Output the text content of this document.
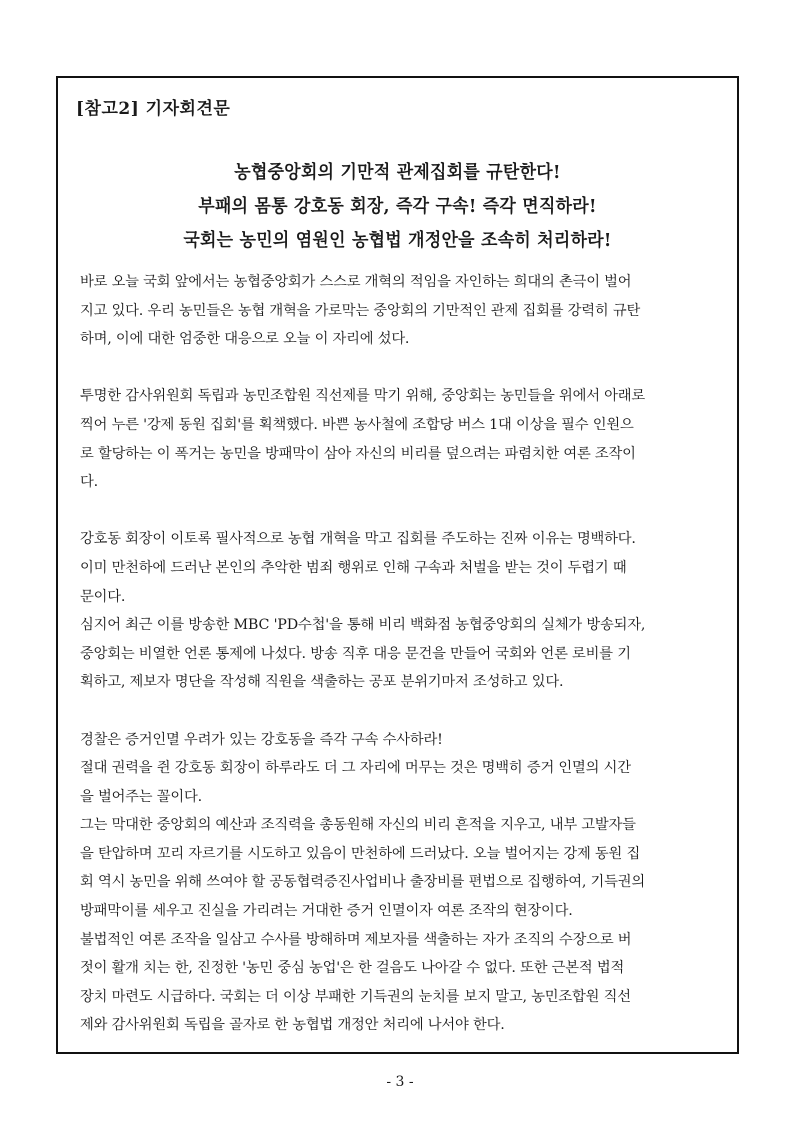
[참고2] 기자회견문
농협중앙회의 기만적 관제집회를 규탄한다!
부패의 몸통 강호동 회장, 즉각 구속! 즉각 면직하라!
국회는 농민의 염원인 농협법 개정안을 조속히 처리하라!
바로 오늘 국회 앞에서는 농협중앙회가 스스로 개혁의 적임을 자인하는 희대의 촌극이 벌어
지고 있다. 우리 농민들은 농협 개혁을 가로막는 중앙회의 기만적인 관제 집회를 강력히 규탄
하며, 이에 대한 엄중한 대응으로 오늘 이 자리에 섰다.
투명한 감사위원회 독립과 농민조합원 직선제를 막기 위해, 중앙회는 농민들을 위에서 아래로
찍어 누른 '강제 동원 집회'를 획책했다. 바쁜 농사철에 조합당 버스 1대 이상을 필수 인원으
로 할당하는 이 폭거는 농민을 방패막이 삼아 자신의 비리를 덮으려는 파렴치한 여론 조작이
다.
강호동 회장이 이토록 필사적으로 농협 개혁을 막고 집회를 주도하는 진짜 이유는 명백하다.
이미 만천하에 드러난 본인의 추악한 범죄 행위로 인해 구속과 처벌을 받는 것이 두렵기 때
문이다.
심지어 최근 이를 방송한 MBC 'PD수첩'을 통해 비리 백화점 농협중앙회의 실체가 방송되자,
중앙회는 비열한 언론 통제에 나섰다. 방송 직후 대응 문건을 만들어 국회와 언론 로비를 기
획하고, 제보자 명단을 작성해 직원을 색출하는 공포 분위기마저 조성하고 있다.
경찰은 증거인멸 우려가 있는 강호동을 즉각 구속 수사하라!
절대 권력을 쥔 강호동 회장이 하루라도 더 그 자리에 머무는 것은 명백히 증거 인멸의 시간
을 벌어주는 꼴이다.
그는 막대한 중앙회의 예산과 조직력을 총동원해 자신의 비리 흔적을 지우고, 내부 고발자들
을 탄압하며 꼬리 자르기를 시도하고 있음이 만천하에 드러났다. 오늘 벌어지는 강제 동원 집
회 역시 농민을 위해 쓰여야 할 공동협력증진사업비나 출장비를 편법으로 집행하여, 기득권의
방패막이를 세우고 진실을 가리려는 거대한 증거 인멸이자 여론 조작의 현장이다.
불법적인 여론 조작을 일삼고 수사를 방해하며 제보자를 색출하는 자가 조직의 수장으로 버
젓이 활개 치는 한, 진정한 '농민 중심 농업'은 한 걸음도 나아갈 수 없다. 또한 근본적 법적
장치 마련도 시급하다. 국회는 더 이상 부패한 기득권의 눈치를 보지 말고, 농민조합원 직선
제와 감사위원회 독립을 골자로 한 농협법 개정안 처리에 나서야 한다.
- 3 -
